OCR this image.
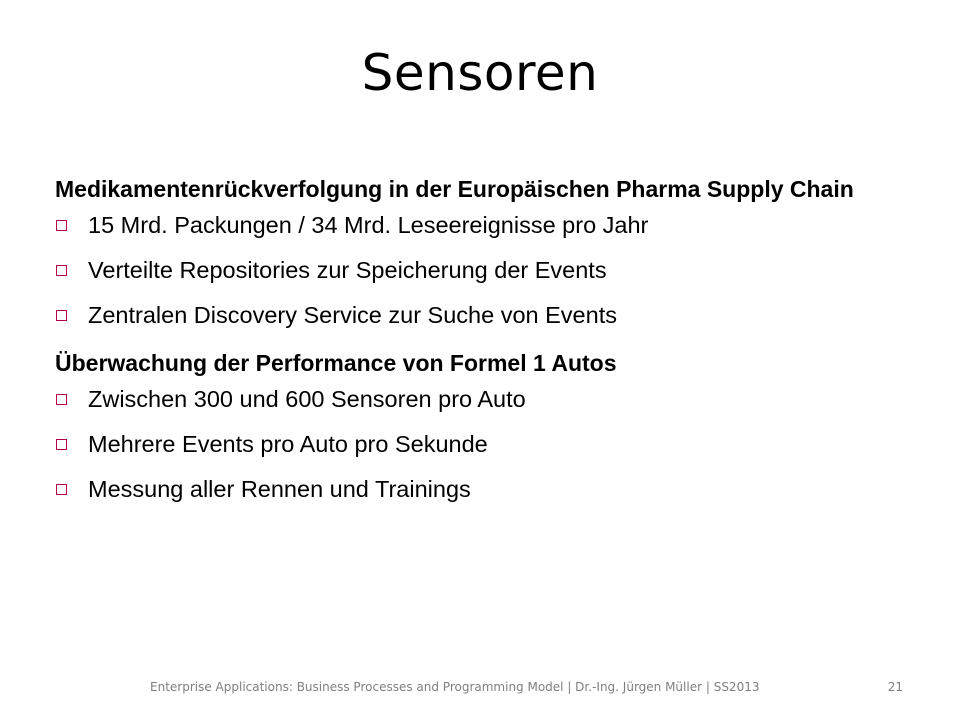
Sensoren

Medikamentenrückverfolgung in der Europäischen Pharma Supply Chain

15 Mrd. Packungen / 34 Mrd. Leseereignisse pro Jahr
Verteilte Repositories zur Speicherung der Events
Zentralen Discovery Service zur Suche von Events

Überwachung der Performance von Formel 1 Autos

Zwischen 300 und 600 Sensoren pro Auto
Mehrere Events pro Auto pro Sekunde
Messung aller Rennen und Trainings
Enterprise Applications: Business Processes and Programming Model | Dr.-Ing. Jürgen Müller | SS2013	21
